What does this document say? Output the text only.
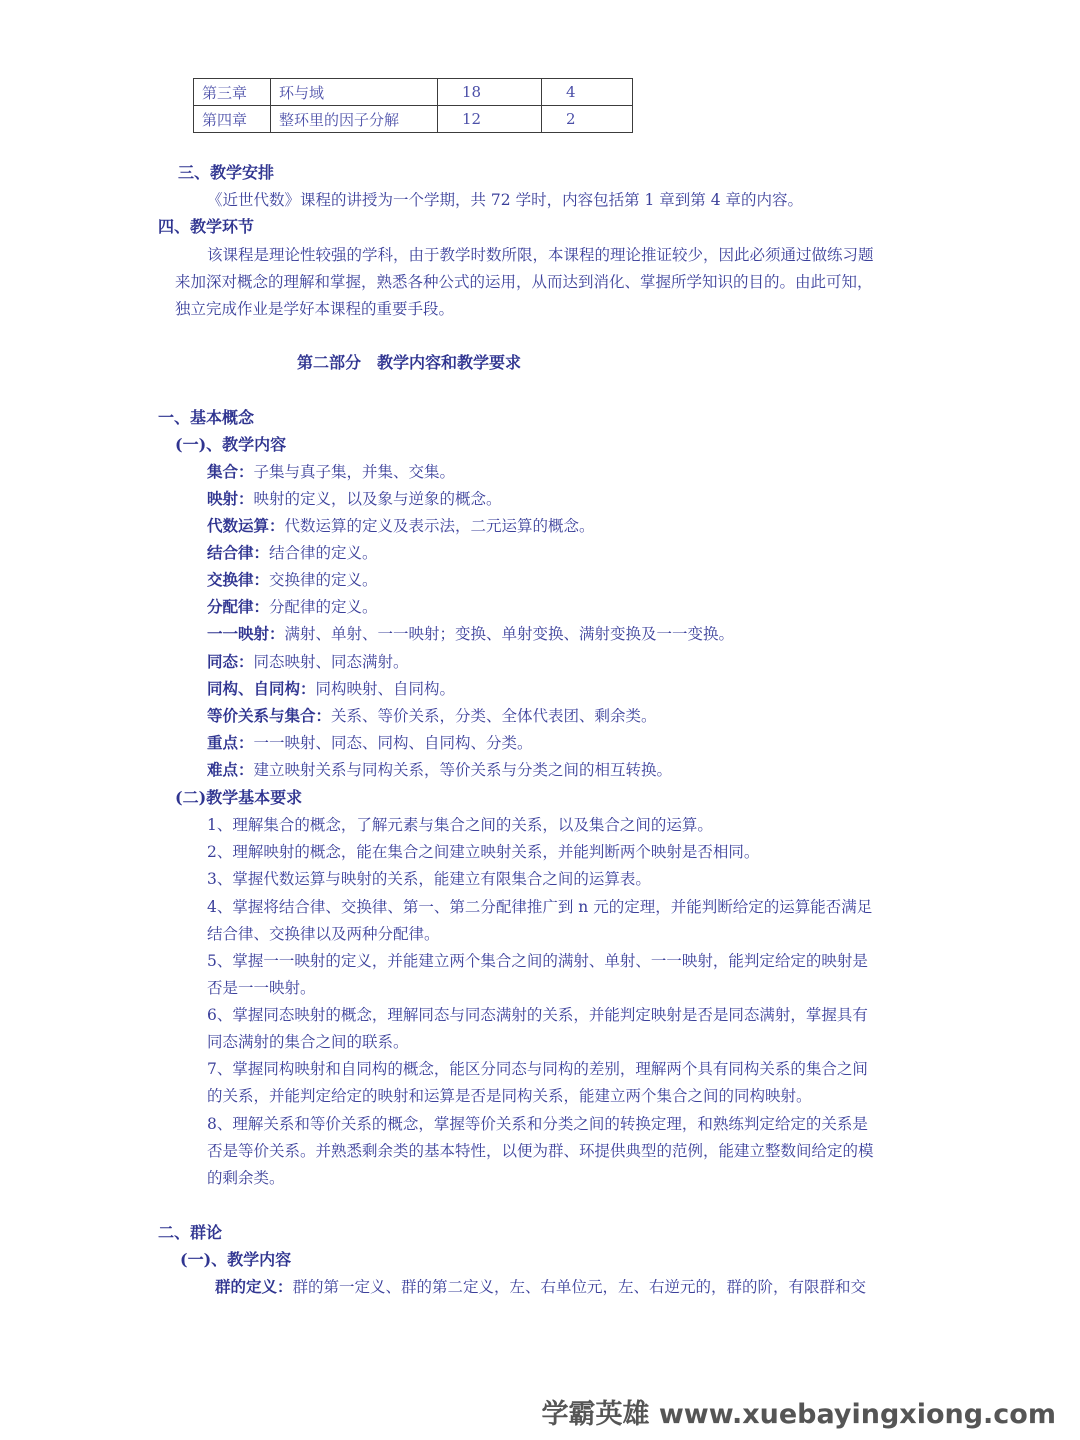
第三章	环与域	18	4
第四章	整环里的因子分解	12	2
三、教学安排
《近世代数》课程的讲授为一个学期，共 72 学时，内容包括第 1 章到第 4 章的内容。
四、教学环节
该课程是理论性较强的学科，由于教学时数所限，本课程的理论推证较少，因此必须通过做练习题
来加深对概念的理解和掌握，熟悉各种公式的运用，从而达到消化、掌握所学知识的目的。由此可知，
独立完成作业是学好本课程的重要手段。
第二部分　教学内容和教学要求
一、基本概念
(一)、教学内容
集合：子集与真子集，并集、交集。
映射：映射的定义，以及象与逆象的概念。
代数运算：代数运算的定义及表示法，二元运算的概念。
结合律：结合律的定义。
交换律：交换律的定义。
分配律：分配律的定义。
一一映射：满射、单射、一一映射；变换、单射变换、满射变换及一一变换。
同态：同态映射、同态满射。
同构、自同构：同构映射、自同构。
等价关系与集合：关系、等价关系，分类、全体代表团、剩余类。
重点：一一映射、同态、同构、自同构、分类。
难点：建立映射关系与同构关系，等价关系与分类之间的相互转换。
(二)教学基本要求
1、理解集合的概念，了解元素与集合之间的关系，以及集合之间的运算。
2、理解映射的概念，能在集合之间建立映射关系，并能判断两个映射是否相同。
3、掌握代数运算与映射的关系，能建立有限集合之间的运算表。
4、掌握将结合律、交换律、第一、第二分配律推广到 n 元的定理，并能判断给定的运算能否满足
结合律、交换律以及两种分配律。
5、掌握一一映射的定义，并能建立两个集合之间的满射、单射、一一映射，能判定给定的映射是
否是一一映射。
6、掌握同态映射的概念，理解同态与同态满射的关系，并能判定映射是否是同态满射，掌握具有
同态满射的集合之间的联系。
7、掌握同构映射和自同构的概念，能区分同态与同构的差别，理解两个具有同构关系的集合之间
的关系，并能判定给定的映射和运算是否是同构关系，能建立两个集合之间的同构映射。
8、理解关系和等价关系的概念，掌握等价关系和分类之间的转换定理，和熟练判定给定的关系是
否是等价关系。并熟悉剩余类的基本特性，以便为群、环提供典型的范例，能建立整数间给定的模
的剩余类。
二、群论
(一)、教学内容
群的定义：群的第一定义、群的第二定义，左、右单位元，左、右逆元的，群的阶，有限群和交
学霸英雄 www.xuebayingxiong.com
